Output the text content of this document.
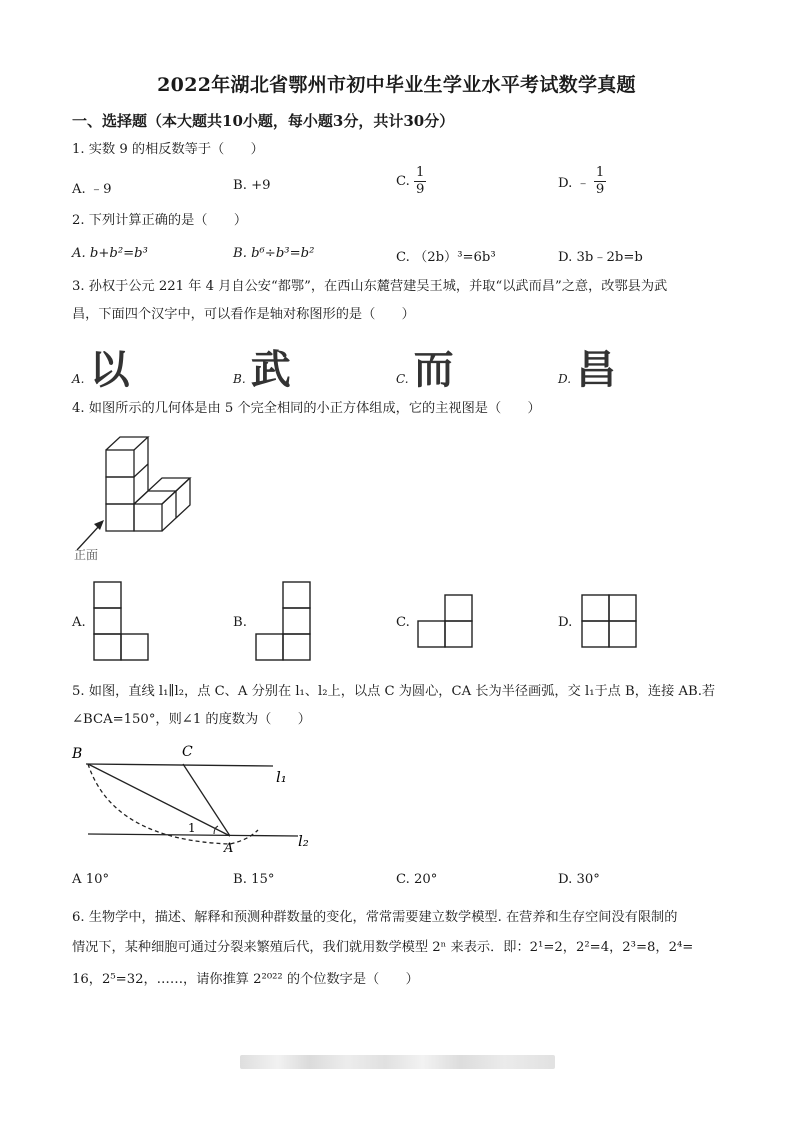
2022年湖北省鄂州市初中毕业生学业水平考试数学真题
一、选择题（本大题共10小题，每小题3分，共计30分）
1. 实数 9 的相反数等于（　　）
A. ﹣9	B. +9	C. $\frac{1}{9}$	D. ﹣ $\frac{1}{9}$
2. 下列计算正确的是（　　）
A. b+b²=b³	B. b⁶÷b³=b²	C. （2b）³=6b³	D. 3b﹣2b=b
3. 孙权于公元 221 年 4 月自公安“都鄂”，在西山东麓营建吴王城，并取“以武而昌”之意，改鄂县为武
昌，下面四个汉字中，可以看作是轴对称图形的是（　　）
A. 以	B. 武	C. 而	D. 昌
4. 如图所示的几何体是由 5 个完全相同的小正方体组成，它的主视图是（　　）
正面
A.	B.	C.	D.
5. 如图，直线 l₁∥l₂，点 C、A 分别在 l₁、l₂上，以点 C 为圆心，CA 长为半径画弧，交 l₁于点 B，连接 AB.若
∠BCA=150°，则∠1 的度数为（　　）
B	C
A
1
l₁
l₂
A 10°	B. 15°	C. 20°	D. 30°
6. 生物学中，描述、解释和预测种群数量的变化，常常需要建立数学模型. 在营养和生存空间没有限制的
情况下，某种细胞可通过分裂来繁殖后代，我们就用数学模型 2ⁿ 来表示．即：2¹=2，2²=4，2³=8，2⁴=
16，2⁵=32，……，请你推算 2²⁰²² 的个位数字是（　　）
